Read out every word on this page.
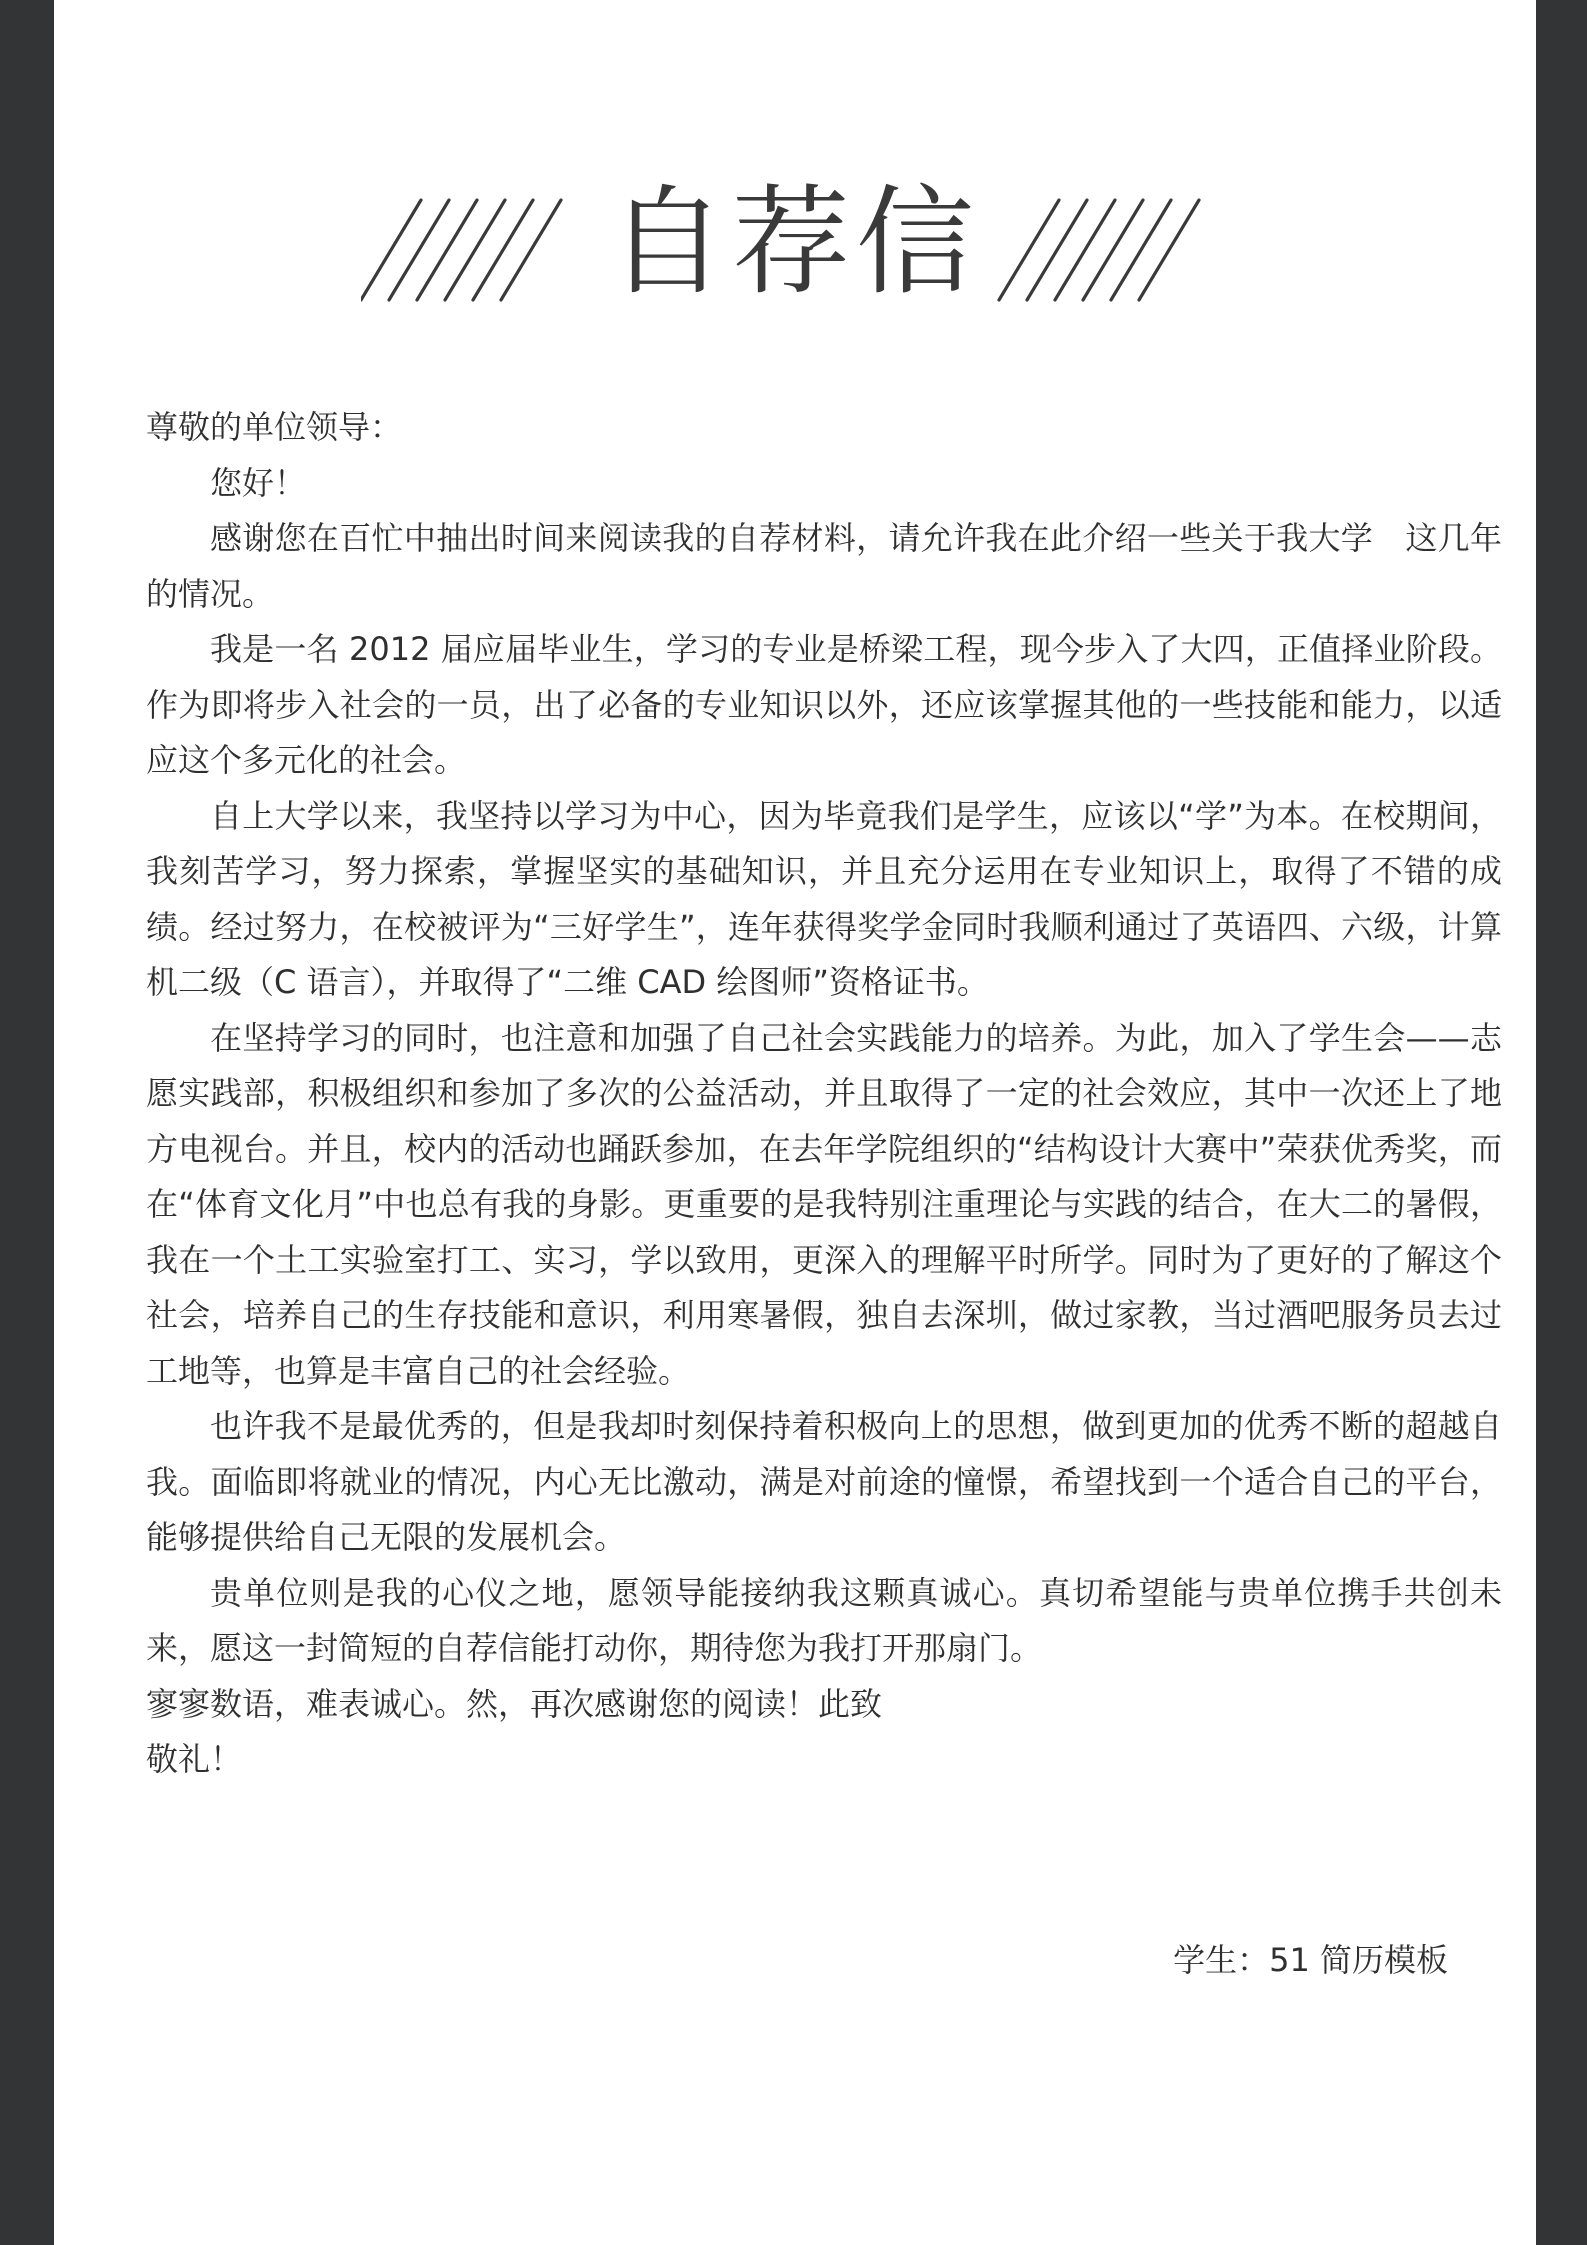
自荐信

尊敬的单位领导：

您好！

感谢您在百忙中抽出时间来阅读我的自荐材料，请允许我在此介绍一些关于我大学　这几年的情况。

我是一名 2012 届应届毕业生，学习的专业是桥梁工程，现今步入了大四，正值择业阶段。作为即将步入社会的一员，出了必备的专业知识以外，还应该掌握其他的一些技能和能力，以适应这个多元化的社会。

自上大学以来，我坚持以学习为中心，因为毕竟我们是学生，应该以“学”为本。在校期间，我刻苦学习，努力探索，掌握坚实的基础知识，并且充分运用在专业知识上，取得了不错的成绩。经过努力，在校被评为“三好学生”，连年获得奖学金同时我顺利通过了英语四、六级，计算机二级（C 语言），并取得了“二维 CAD 绘图师”资格证书。

在坚持学习的同时，也注意和加强了自己社会实践能力的培养。为此，加入了学生会——志愿实践部，积极组织和参加了多次的公益活动，并且取得了一定的社会效应，其中一次还上了地方电视台。并且，校内的活动也踊跃参加，在去年学院组织的“结构设计大赛中”荣获优秀奖，而在“体育文化月”中也总有我的身影。更重要的是我特别注重理论与实践的结合，在大二的暑假，我在一个土工实验室打工、实习，学以致用，更深入的理解平时所学。同时为了更好的了解这个社会，培养自己的生存技能和意识，利用寒暑假，独自去深圳，做过家教，当过酒吧服务员去过工地等，也算是丰富自己的社会经验。

也许我不是最优秀的，但是我却时刻保持着积极向上的思想，做到更加的优秀不断的超越自我。面临即将就业的情况，内心无比激动，满是对前途的憧憬，希望找到一个适合自己的平台，能够提供给自己无限的发展机会。

贵单位则是我的心仪之地，愿领导能接纳我这颗真诚心。真切希望能与贵单位携手共创未来，愿这一封简短的自荐信能打动你，期待您为我打开那扇门。

寥寥数语，难表诚心。然，再次感谢您的阅读！此致

敬礼！

学生：51 简历模板
